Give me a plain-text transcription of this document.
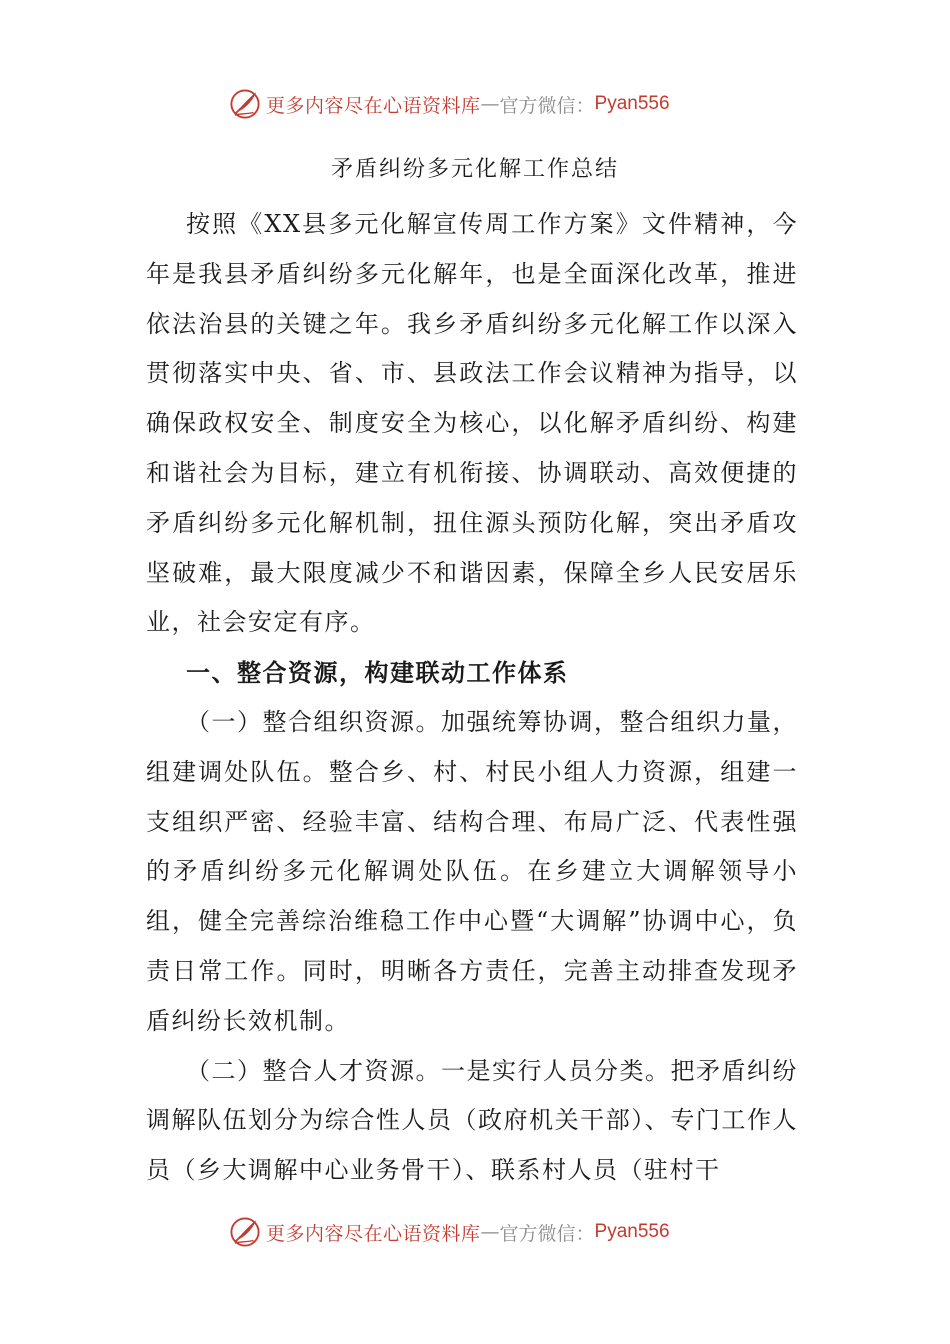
更多内容尽在心语资料库 — 官方微信： Pyan556
矛盾纠纷多元化解工作总结

按照《XX县多元化解宣传周工作方案》文件精神，今年是我县矛盾纠纷多元化解年，也是全面深化改革，推进依法治县的关键之年。我乡矛盾纠纷多元化解工作以深入贯彻落实中央、省、市、县政法工作会议精神为指导，以确保政权安全、制度安全为核心，以化解矛盾纠纷、构建和谐社会为目标，建立有机衔接、协调联动、高效便捷的矛盾纠纷多元化解机制，扭住源头预防化解，突出矛盾攻坚破难，最大限度减少不和谐因素，保障全乡人民安居乐业，社会安定有序。

一、整合资源，构建联动工作体系

（一）整合组织资源。加强统筹协调，整合组织力量，组建调处队伍。整合乡、村、村民小组人力资源，组建一支组织严密、经验丰富、结构合理、布局广泛、代表性强的矛盾纠纷多元化解调处队伍。在乡建立大调解领导小组，健全完善综治维稳工作中心暨“大调解”协调中心，负责日常工作。同时，明晰各方责任，完善主动排查发现矛盾纠纷长效机制。

（二）整合人才资源。一是实行人员分类。把矛盾纠纷调解队伍划分为综合性人员（政府机关干部）、专门工作人员（乡大调解中心业务骨干）、联系村人员（驻村干

更多内容尽在心语资料库 — 官方微信： Pyan556
